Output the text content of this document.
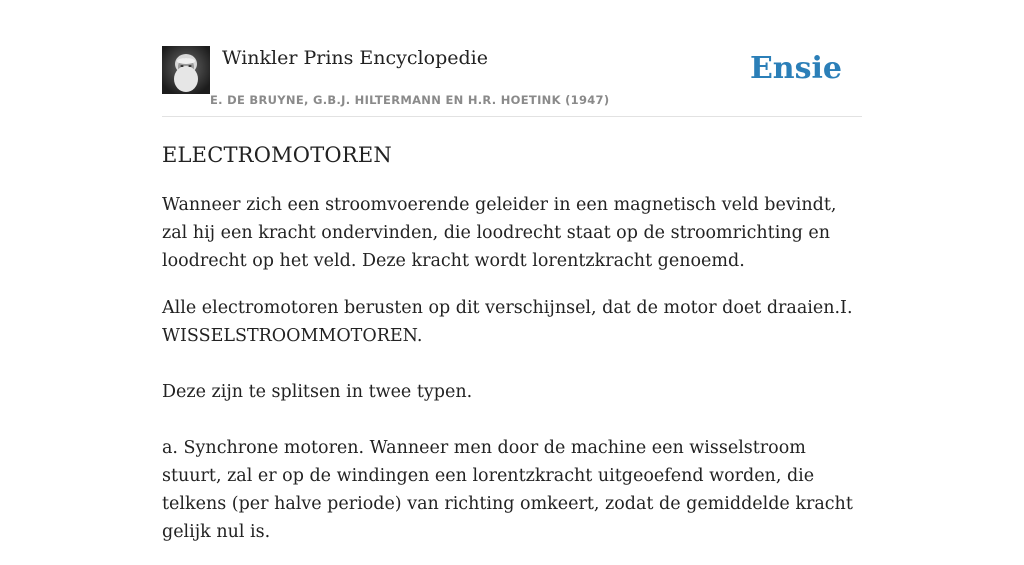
Winkler Prins Encyclopedie
E. DE BRUYNE, G.B.J. HILTERMANN EN H.R. HOETINK (1947)
Ensie
ELECTROMOTOREN

Wanneer zich een stroomvoerende geleider in een magnetisch veld bevindt, zal hij een kracht ondervinden, die loodrecht staat op de stroomrichting en loodrecht op het veld. Deze kracht wordt lorentzkracht genoemd.

Alle electromotoren berusten op dit verschijnsel, dat de motor doet draaien.I. WISSELSTROOMMOTOREN.

Deze zijn te splitsen in twee typen.

a. Synchrone motoren. Wanneer men door de machine een wisselstroom stuurt, zal er op de windingen een lorentzkracht uitgeoefend worden, die telkens (per halve periode) van richting omkeert, zodat de gemiddelde kracht gelijk nul is.
